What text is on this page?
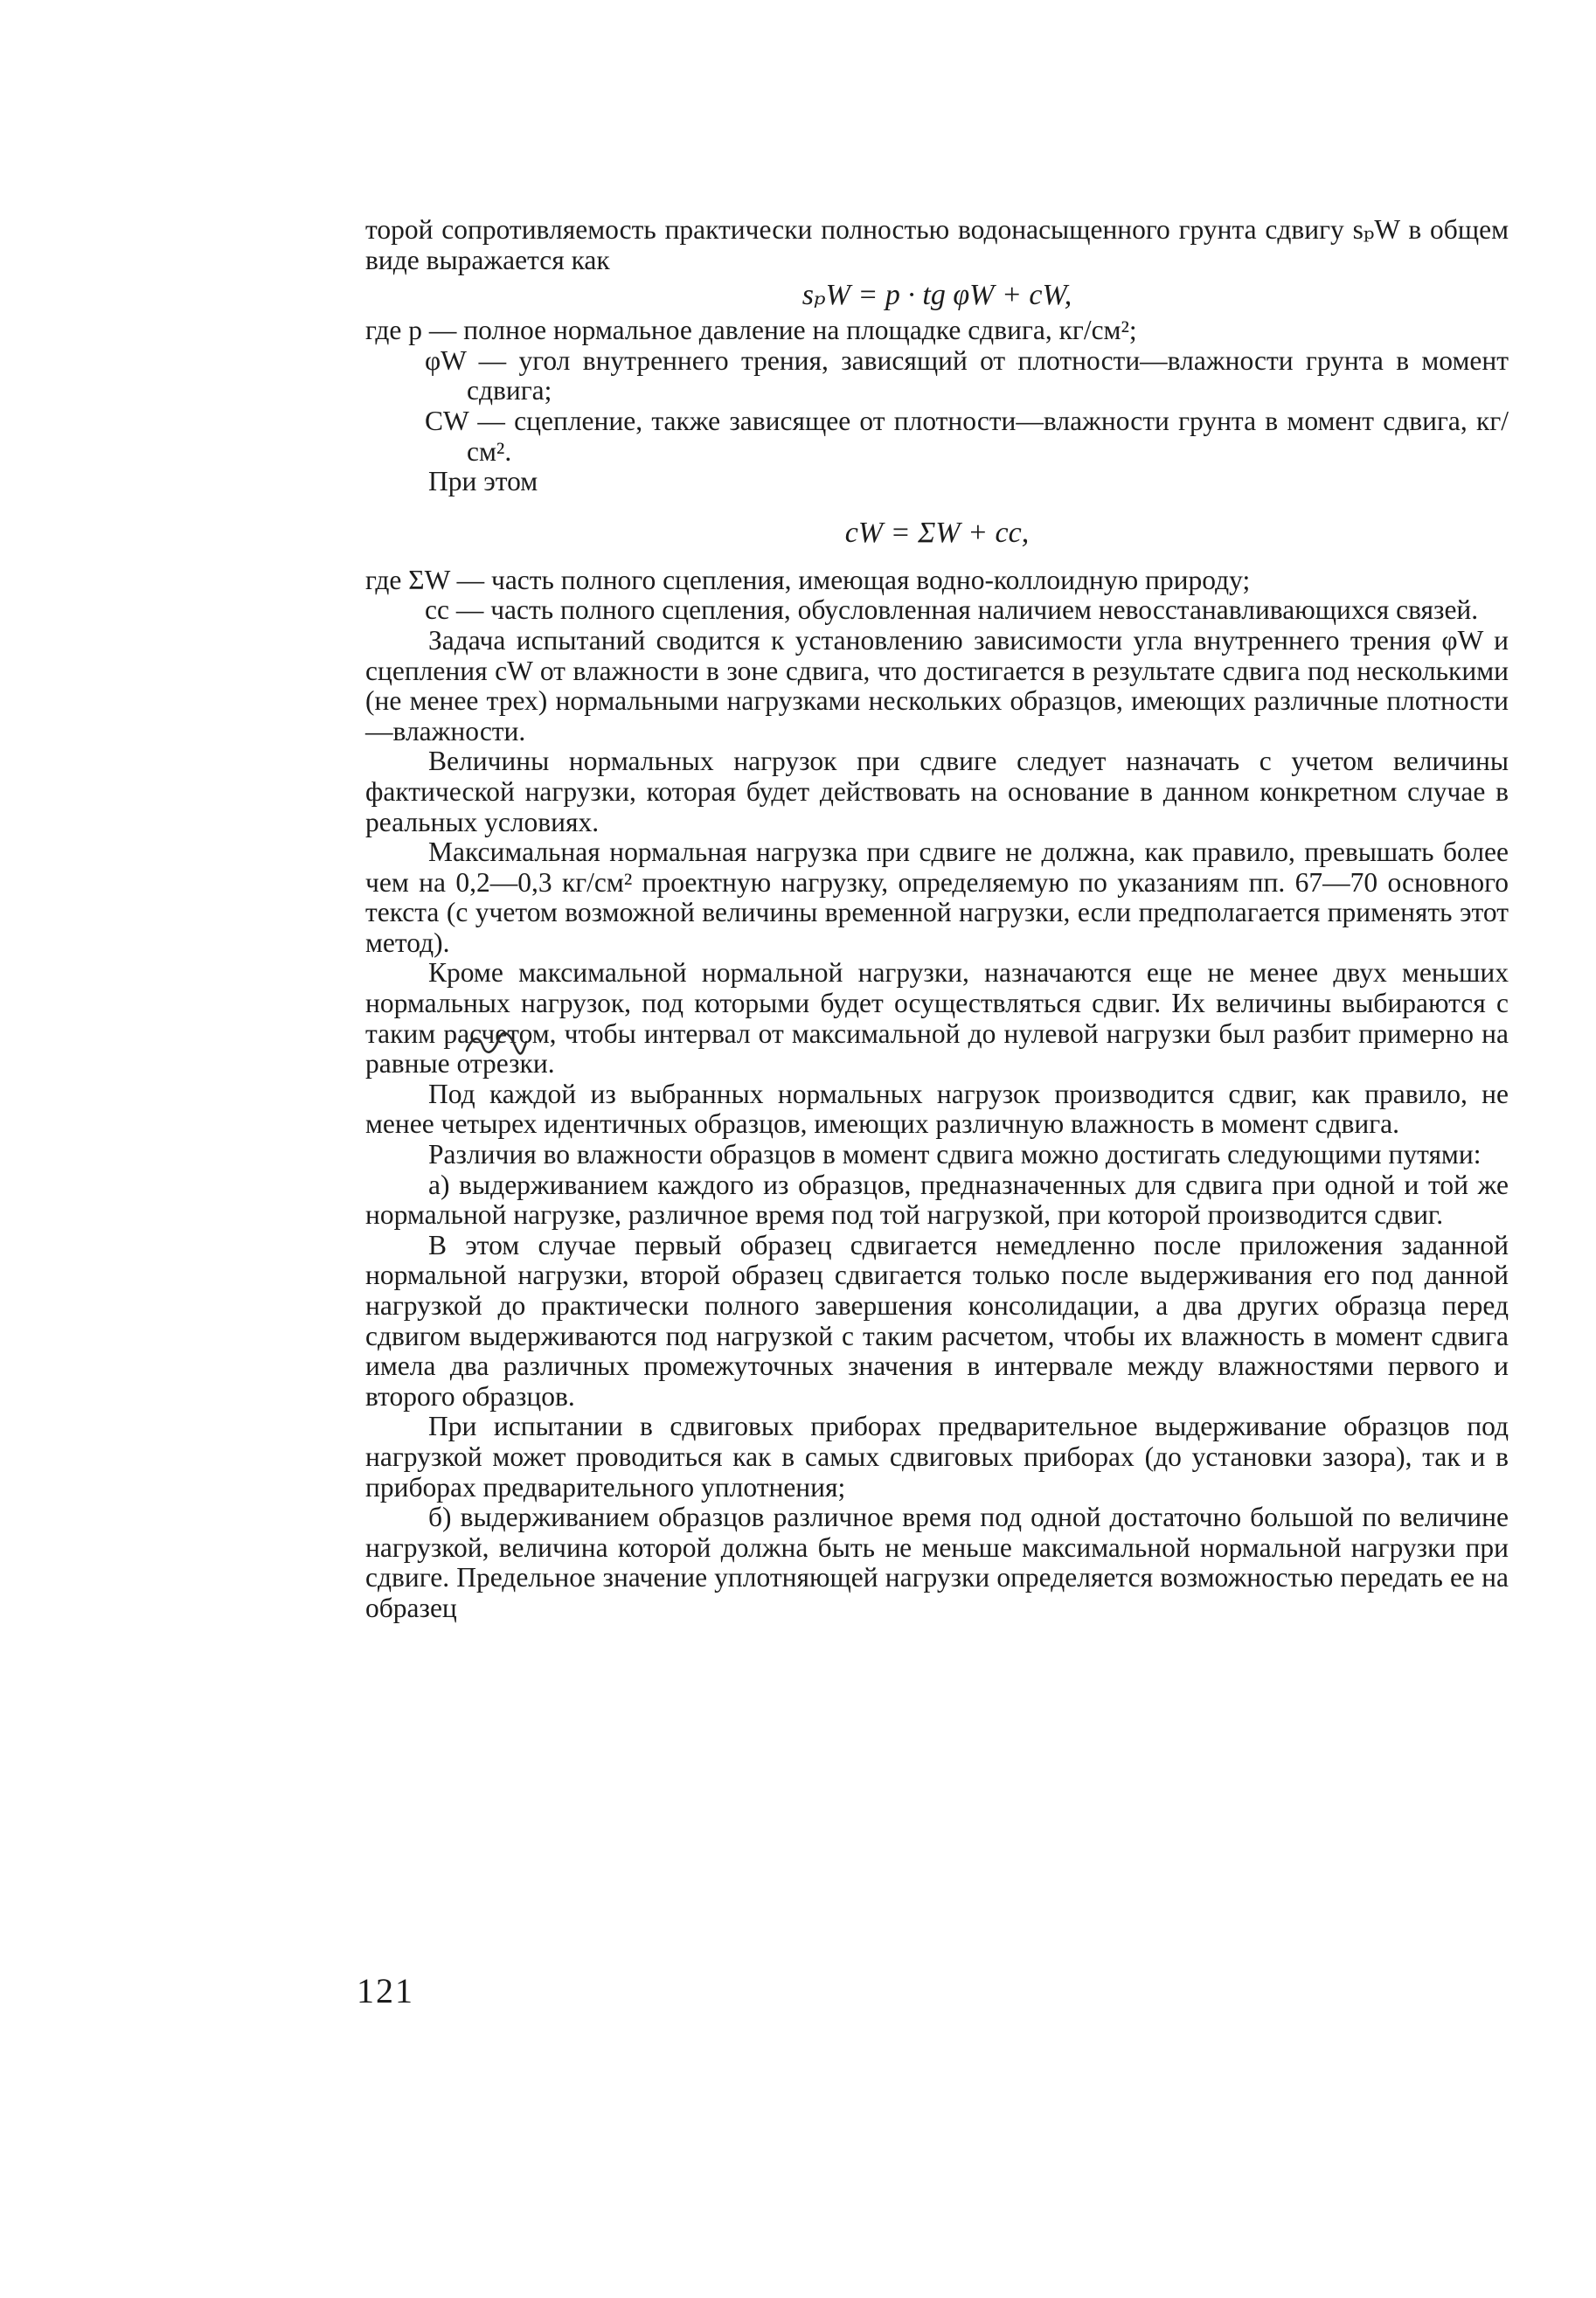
торой сопротивляемость практически полностью водонасыщенного грунта сдвигу sₚW в общем виде выражается как

sₚW = p · tg φW + cW,

где p — полное нормальное давление на площадке сдвига, кг/см²;

φW — угол внутреннего трения, зависящий от плотности—влажности грунта в момент сдвига;

CW — сцепление, также зависящее от плотности—влажности грунта в момент сдвига, кг/см².

При этом

cW = ΣW + cc,

где ΣW — часть полного сцепления, имеющая водно-коллоидную природу;

cc — часть полного сцепления, обусловленная наличием невосстанавливающихся связей.

Задача испытаний сводится к установлению зависимости угла внутреннего трения φW и сцепления cW от влажности в зоне сдвига, что достигается в результате сдвига под несколькими (не менее трех) нормальными нагрузками нескольких образцов, имеющих различные плотности—влажности.

Величины нормальных нагрузок при сдвиге следует назначать с учетом величины фактической нагрузки, которая будет действовать на основание в данном конкретном случае в реальных условиях.

Максимальная нормальная нагрузка при сдвиге не должна, как правило, превышать более чем на 0,2—0,3 кг/см² проектную нагрузку, определяемую по указаниям пп. 67—70 основного текста (с учетом возможной величины временной нагрузки, если предполагается применять этот метод).

Кроме максимальной нормальной нагрузки, назначаются еще не менее двух меньших нормальных нагрузок, под которыми будет осуществляться сдвиг. Их величины выбираются с таким расчетом, чтобы интервал от максимальной до нулевой нагрузки был разбит примерно на равные отрезки.

Под каждой из выбранных нормальных нагрузок производится сдвиг, как правило, не менее четырех идентичных образцов, имеющих различную влажность в момент сдвига.

Различия во влажности образцов в момент сдвига можно достигать следующими путями:

а) выдерживанием каждого из образцов, предназначенных для сдвига при одной и той же нормальной нагрузке, различное время под той нагрузкой, при которой производится сдвиг.

В этом случае первый образец сдвигается немедленно после приложения заданной нормальной нагрузки, второй образец сдвигается только после выдерживания его под данной нагрузкой до практически полного завершения консолидации, а два других образца перед сдвигом выдерживаются под нагрузкой с таким расчетом, чтобы их влажность в момент сдвига имела два различных промежуточных значения в интервале между влажностями первого и второго образцов.

При испытании в сдвиговых приборах предварительное выдерживание образцов под нагрузкой может проводиться как в самых сдвиговых приборах (до установки зазора), так и в приборах предварительного уплотнения;

б) выдерживанием образцов различное время под одной достаточно большой по величине нагрузкой, величина которой должна быть не меньше максимальной нормальной нагрузки при сдвиге. Предельное значение уплотняющей нагрузки определяется возможностью передать ее на образец

121
